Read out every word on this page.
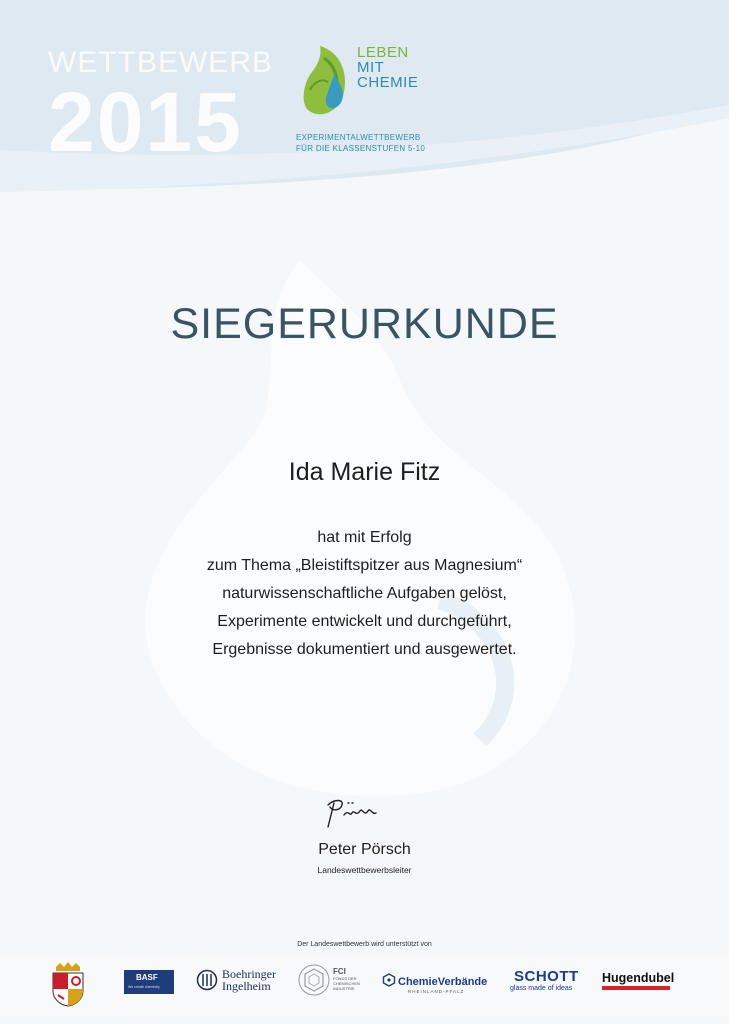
WETTBEWERB
2015
LEBEN
MIT
CHEMIE
EXPERIMENTALWETTBEWERB
FÜR DIE KLASSENSTUFEN 5-10
SIEGERURKUNDE
Ida Marie Fitz
hat mit Erfolg
zum Thema „Bleistiftspitzer aus Magnesium“
naturwissenschaftliche Aufgaben gelöst,
Experimente entwickelt und durchgeführt,
Ergebnisse dokumentiert und ausgewertet.
Peter Pörsch
Landeswettbewerbsleiter
Der Landeswettbewerb wird unterstützt von
BASF
We create chemistry
Boehringer
Ingelheim
FCI
FONDS DER
CHEMISCHEN
INDUSTRIE
ChemieVerbände
RHEINLAND-PFALZ
SCHOTT
glass made of ideas
Hugendubel
